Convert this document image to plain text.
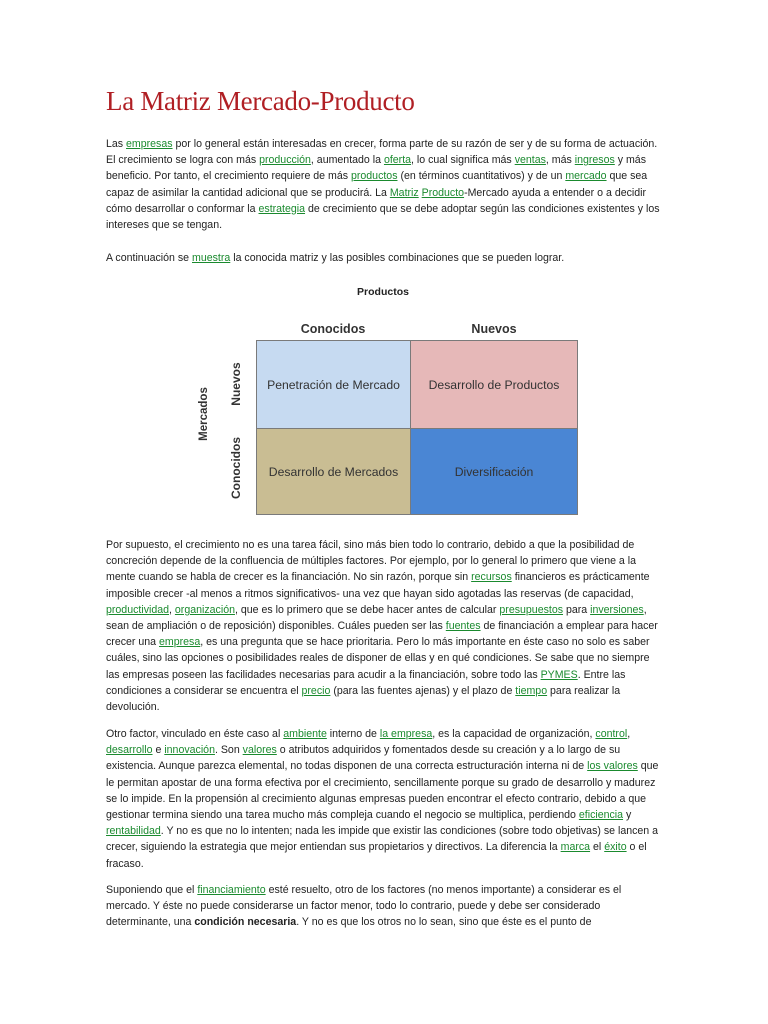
La Matriz Mercado-Producto
Las empresas por lo general están interesadas en crecer, forma parte de su razón de ser y de su forma de actuación. El crecimiento se logra con más producción, aumentado la oferta, lo cual significa más ventas, más ingresos y más beneficio. Por tanto, el crecimiento requiere de más productos (en términos cuantitativos) y de un mercado que sea capaz de asimilar la cantidad adicional que se producirá. La Matriz Producto-Mercado ayuda a entender o a decidir cómo desarrollar o conformar la estrategia de crecimiento que se debe adoptar según las condiciones existentes y los intereses que se tengan.
A continuación se muestra la conocida matriz y las posibles combinaciones que se pueden lograr.
Productos
Conocidos	Nuevos
Mercados
Nuevos
Conocidos
Penetración de Mercado	Desarrollo de Productos
Desarrollo de Mercados	Diversificación
Por supuesto, el crecimiento no es una tarea fácil, sino más bien todo lo contrario, debido a que la posibilidad de concreción depende de la confluencia de múltiples factores. Por ejemplo, por lo general lo primero que viene a la mente cuando se habla de crecer es la financiación. No sin razón, porque sin recursos financieros es prácticamente imposible crecer -al menos a ritmos significativos- una vez que hayan sido agotadas las reservas (de capacidad, productividad, organización, que es lo primero que se debe hacer antes de calcular presupuestos para inversiones, sean de ampliación o de reposición) disponibles. Cuáles pueden ser las fuentes de financiación a emplear para hacer crecer una empresa, es una pregunta que se hace prioritaria. Pero lo más importante en éste caso no solo es saber cuáles, sino las opciones o posibilidades reales de disponer de ellas y en qué condiciones. Se sabe que no siempre las empresas poseen las facilidades necesarias para acudir a la financiación, sobre todo las PYMES. Entre las condiciones a considerar se encuentra el precio (para las fuentes ajenas) y el plazo de tiempo para realizar la devolución.
Otro factor, vinculado en éste caso al ambiente interno de la empresa, es la capacidad de organización, control, desarrollo e innovación. Son valores o atributos adquiridos y fomentados desde su creación y a lo largo de su existencia. Aunque parezca elemental, no todas disponen de una correcta estructuración interna ni de los valores que le permitan apostar de una forma efectiva por el crecimiento, sencillamente porque su grado de desarrollo y madurez se lo impide. En la propensión al crecimiento algunas empresas pueden encontrar el efecto contrario, debido a que gestionar termina siendo una tarea mucho más compleja cuando el negocio se multiplica, perdiendo eficiencia y rentabilidad. Y no es que no lo intenten; nada les impide que existir las condiciones (sobre todo objetivas) se lancen a crecer, siguiendo la estrategia que mejor entiendan sus propietarios y directivos. La diferencia la marca el éxito o el fracaso.
Suponiendo que el financiamiento esté resuelto, otro de los factores (no menos importante) a considerar es el mercado. Y éste no puede considerarse un factor menor, todo lo contrario, puede y debe ser considerado determinante, una condición necesaria. Y no es que los otros no lo sean, sino que éste es el punto de
